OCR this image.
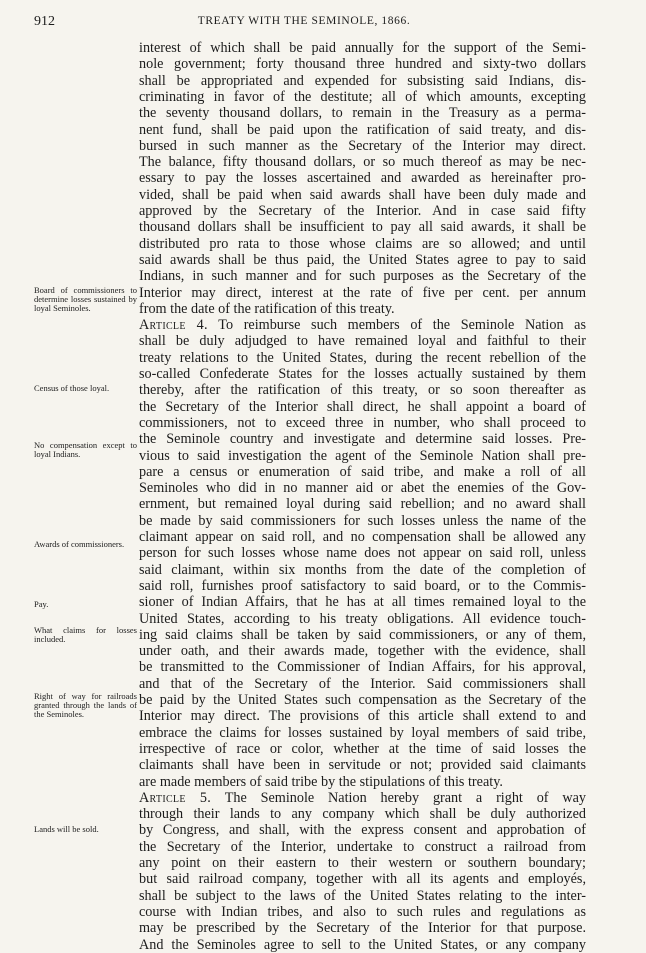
912	TREATY WITH THE SEMINOLE, 1866.
Board of commissioners to determine losses sustained by loyal Seminoles.
Census of those loyal.
No compensation except to loyal Indians.
Awards of commissioners.
Pay.
What claims for losses included.
Right of way for railroads granted through the lands of the Seminoles.
Lands will be sold.
interest of which shall be paid annually for the support of the Semi-
nole government; forty thousand three hundred and sixty-two dollars
shall be appropriated and expended for subsisting said Indians, dis-
criminating in favor of the destitute; all of which amounts, excepting
the seventy thousand dollars, to remain in the Treasury as a perma-
nent fund, shall be paid upon the ratification of said treaty, and dis-
bursed in such manner as the Secretary of the Interior may direct.
The balance, fifty thousand dollars, or so much thereof as may be nec-
essary to pay the losses ascertained and awarded as hereinafter pro-
vided, shall be paid when said awards shall have been duly made and
approved by the Secretary of the Interior. And in case said fifty
thousand dollars shall be insufficient to pay all said awards, it shall be
distributed pro rata to those whose claims are so allowed; and until
said awards shall be thus paid, the United States agree to pay to said
Indians, in such manner and for such purposes as the Secretary of the
Interior may direct, interest at the rate of five per cent. per annum
from the date of the ratification of this treaty.
Article 4. To reimburse such members of the Seminole Nation as
shall be duly adjudged to have remained loyal and faithful to their
treaty relations to the United States, during the recent rebellion of the
so-called Confederate States for the losses actually sustained by them
thereby, after the ratification of this treaty, or so soon thereafter as
the Secretary of the Interior shall direct, he shall appoint a board of
commissioners, not to exceed three in number, who shall proceed to
the Seminole country and investigate and determine said losses. Pre-
vious to said investigation the agent of the Seminole Nation shall pre-
pare a census or enumeration of said tribe, and make a roll of all
Seminoles who did in no manner aid or abet the enemies of the Gov-
ernment, but remained loyal during said rebellion; and no award shall
be made by said commissioners for such losses unless the name of the
claimant appear on said roll, and no compensation shall be allowed any
person for such losses whose name does not appear on said roll, unless
said claimant, within six months from the date of the completion of
said roll, furnishes proof satisfactory to said board, or to the Commis-
sioner of Indian Affairs, that he has at all times remained loyal to the
United States, according to his treaty obligations. All evidence touch-
ing said claims shall be taken by said commissioners, or any of them,
under oath, and their awards made, together with the evidence, shall
be transmitted to the Commissioner of Indian Affairs, for his approval,
and that of the Secretary of the Interior. Said commissioners shall
be paid by the United States such compensation as the Secretary of the
Interior may direct. The provisions of this article shall extend to and
embrace the claims for losses sustained by loyal members of said tribe,
irrespective of race or color, whether at the time of said losses the
claimants shall have been in servitude or not; provided said claimants
are made members of said tribe by the stipulations of this treaty.
Article 5. The Seminole Nation hereby grant a right of way
through their lands to any company which shall be duly authorized
by Congress, and shall, with the express consent and approbation of
the Secretary of the Interior, undertake to construct a railroad from
any point on their eastern to their western or southern boundary;
but said railroad company, together with all its agents and employés,
shall be subject to the laws of the United States relating to the inter-
course with Indian tribes, and also to such rules and regulations as
may be prescribed by the Secretary of the Interior for that purpose.
And the Seminoles agree to sell to the United States, or any company
